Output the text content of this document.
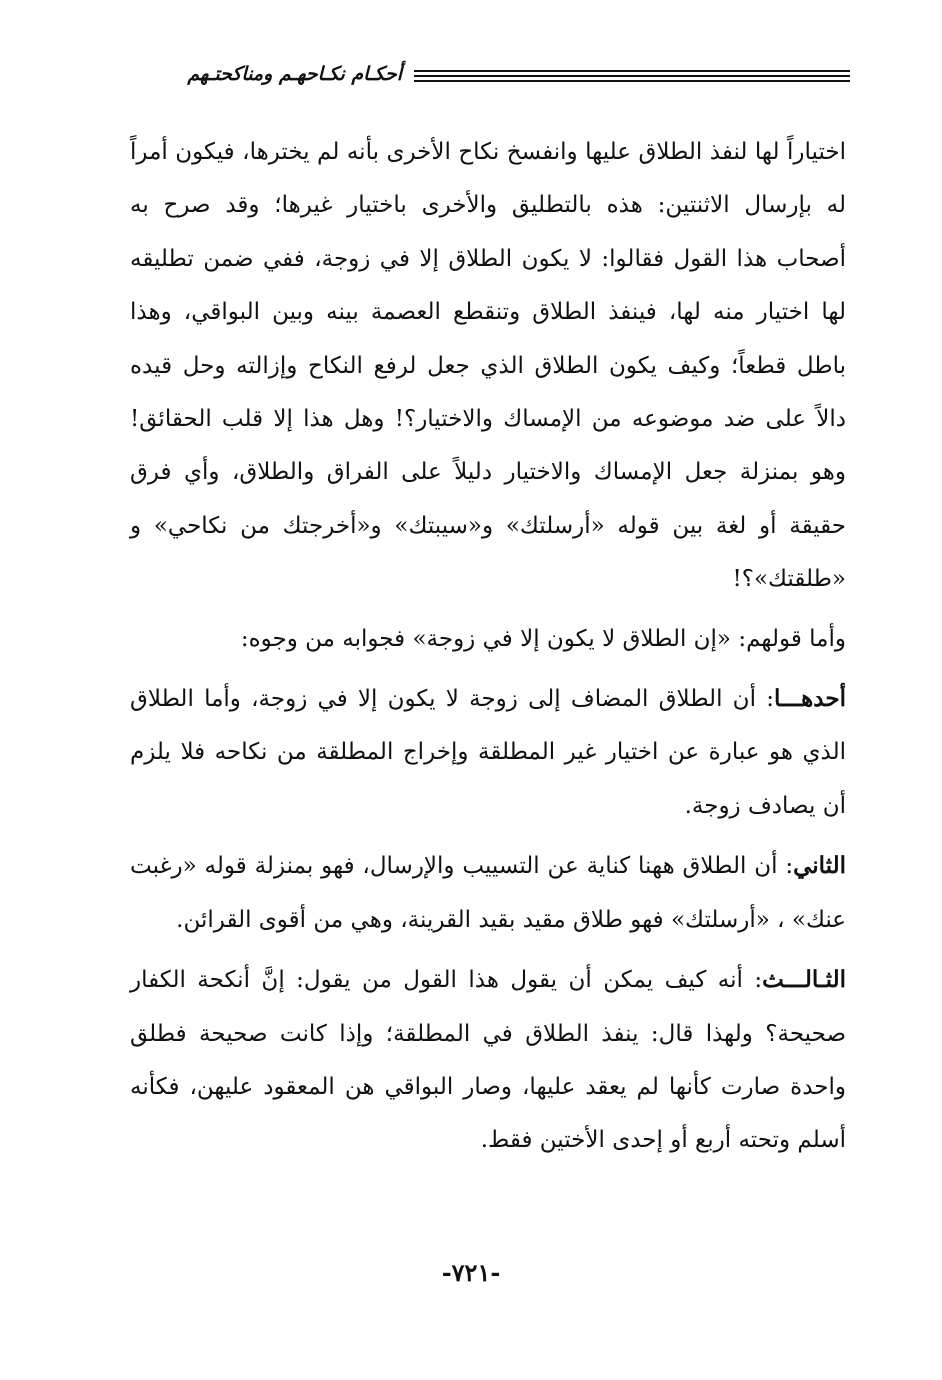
أحكـام نكـاحهـم ومناكحتـهم

اختياراً لها لنفذ الطلاق عليها وانفسخ نكاح الأخرى بأنه لم يخترها، فيكون أمراً له بإرسال الاثنتين: هذه بالتطليق والأخرى باختيار غيرها؛ وقد صرح به أصحاب هذا القول فقالوا: لا يكون الطلاق إلا في زوجة، ففي ضمن تطليقه لها اختيار منه لها، فينفذ الطلاق وتنقطع العصمة بينه وبين البواقي، وهذا باطل قطعاً؛ وكيف يكون الطلاق الذي جعل لرفع النكاح وإزالته وحل قيده دالاً على ضد موضوعه من الإمساك والاختيار؟! وهل هذا إلا قلب الحقائق! وهو بمنزلة جعل الإمساك والاختيار دليلاً على الفراق والطلاق، وأي فرق حقيقة أو لغة بين قوله «أرسلتك» و«سيبتك» و«أخرجتك من نكاحي» و «طلقتك»؟!

وأما قولهم: «إن الطلاق لا يكون إلا في زوجة» فجوابه من وجوه:

أحدهـــا: أن الطلاق المضاف إلى زوجة لا يكون إلا في زوجة، وأما الطلاق الذي هو عبارة عن اختيار غير المطلقة وإخراج المطلقة من نكاحه فلا يلزم أن يصادف زوجة.

الثاني: أن الطلاق ههنا كناية عن التسييب والإرسال، فهو بمنزلة قوله «رغبت عنك» ، «أرسلتك» فهو طلاق مقيد بقيد القرينة، وهي من أقوى القرائن.

الثـالـــث: أنه كيف يمكن أن يقول هذا القول من يقول: إنَّ أنكحة الكفار صحيحة؟ ولهذا قال: ينفذ الطلاق في المطلقة؛ وإذا كانت صحيحة فطلق واحدة صارت كأنها لم يعقد عليها، وصار البواقي هن المعقود عليهن، فكأنه أسلم وتحته أربع أو إحدى الأختين فقط.

-٧٢١-
